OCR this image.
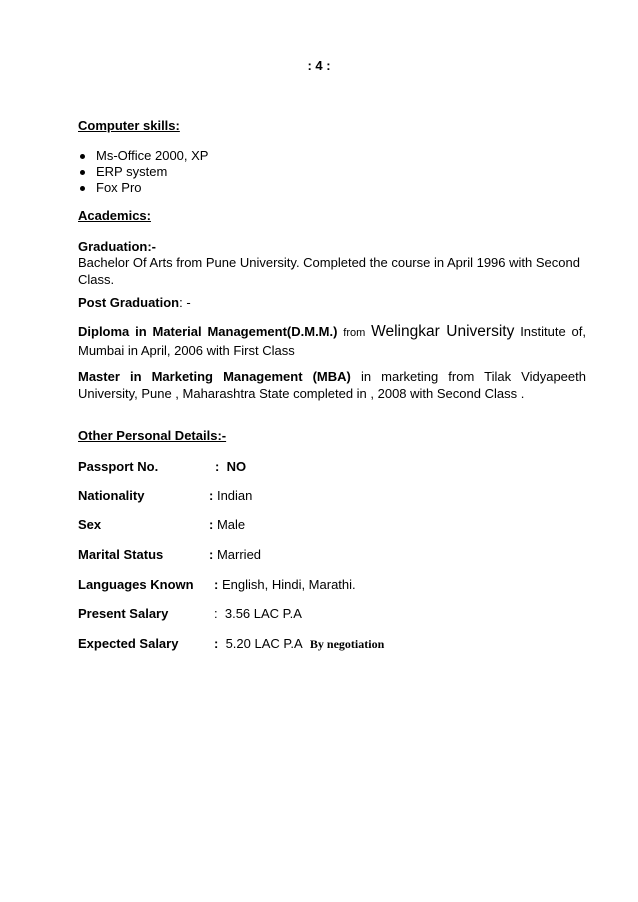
: 4 :
Computer skills:
Ms-Office 2000, XP
ERP system
Fox Pro
Academics:
Graduation:-
Bachelor Of Arts from Pune University. Completed the course in April 1996 with Second Class.
Post Graduation: -
Diploma in Material Management(D.M.M.) from Welingkar University Institute of, Mumbai in April, 2006 with First Class
Master in Marketing Management (MBA) in marketing from Tilak Vidyapeeth University, Pune , Maharashtra State completed in , 2008 with Second Class .
Other Personal Details:-
Passport No.	: NO
Nationality	: Indian
Sex	: Male
Marital Status	: Married
Languages Known : English, Hindi, Marathi.
Present Salary	: 3.56 LAC P.A
Expected Salary	: 5.20 LAC P.A By negotiation
